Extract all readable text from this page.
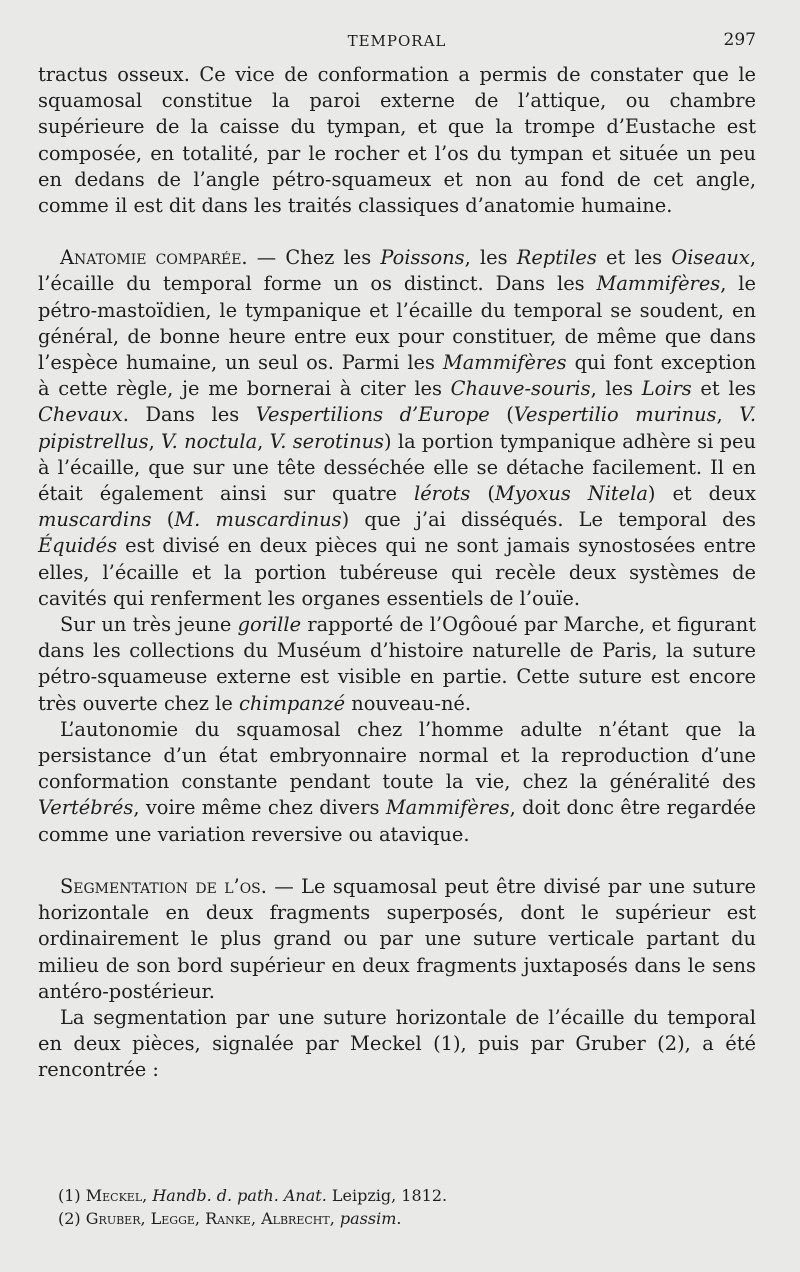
TEMPORAL	297

tractus osseux. Ce vice de conformation a permis de constater que le squamosal constitue la paroi externe de l’attique, ou chambre supérieure de la caisse du tympan, et que la trompe d’Eustache est composée, en totalité, par le rocher et l’os du tympan et située un peu en dedans de l’angle pétro-squameux et non au fond de cet angle, comme il est dit dans les traités classiques d’anatomie humaine.

Anatomie comparée. — Chez les Poissons, les Reptiles et les Oiseaux, l’écaille du temporal forme un os distinct. Dans les Mammifères, le pétro-mastoïdien, le tympanique et l’écaille du temporal se soudent, en général, de bonne heure entre eux pour constituer, de même que dans l’espèce humaine, un seul os. Parmi les Mammifères qui font exception à cette règle, je me bornerai à citer les Chauve-souris, les Loirs et les Chevaux. Dans les Vespertilions d’Europe (Vespertilio murinus, V. pipistrellus, V. noctula, V. serotinus) la portion tympanique adhère si peu à l’écaille, que sur une tête desséchée elle se détache facilement. Il en était également ainsi sur quatre lérots (Myoxus Nitela) et deux muscardins (M. muscardinus) que j’ai disséqués. Le temporal des Équidés est divisé en deux pièces qui ne sont jamais synostosées entre elles, l’écaille et la portion tubéreuse qui recèle deux systèmes de cavités qui renferment les organes essentiels de l’ouïe.

Sur un très jeune gorille rapporté de l’Ogôoué par Marche, et figurant dans les collections du Muséum d’histoire naturelle de Paris, la suture pétro-squameuse externe est visible en partie. Cette suture est encore très ouverte chez le chimpanzé nouveau-né.

L’autonomie du squamosal chez l’homme adulte n’étant que la persistance d’un état embryonnaire normal et la reproduction d’une conformation constante pendant toute la vie, chez la généralité des Vertébrés, voire même chez divers Mammifères, doit donc être regardée comme une variation reversive ou atavique.

Segmentation de l’os. — Le squamosal peut être divisé par une suture horizontale en deux fragments superposés, dont le supérieur est ordinairement le plus grand ou par une suture verticale partant du milieu de son bord supérieur en deux fragments juxtaposés dans le sens antéro-postérieur.

La segmentation par une suture horizontale de l’écaille du temporal en deux pièces, signalée par Meckel (1), puis par Gruber (2), a été rencontrée :

(1) Meckel, Handb. d. path. Anat. Leipzig, 1812.
(2) Gruber, Legge, Ranke, Albrecht, passim.
